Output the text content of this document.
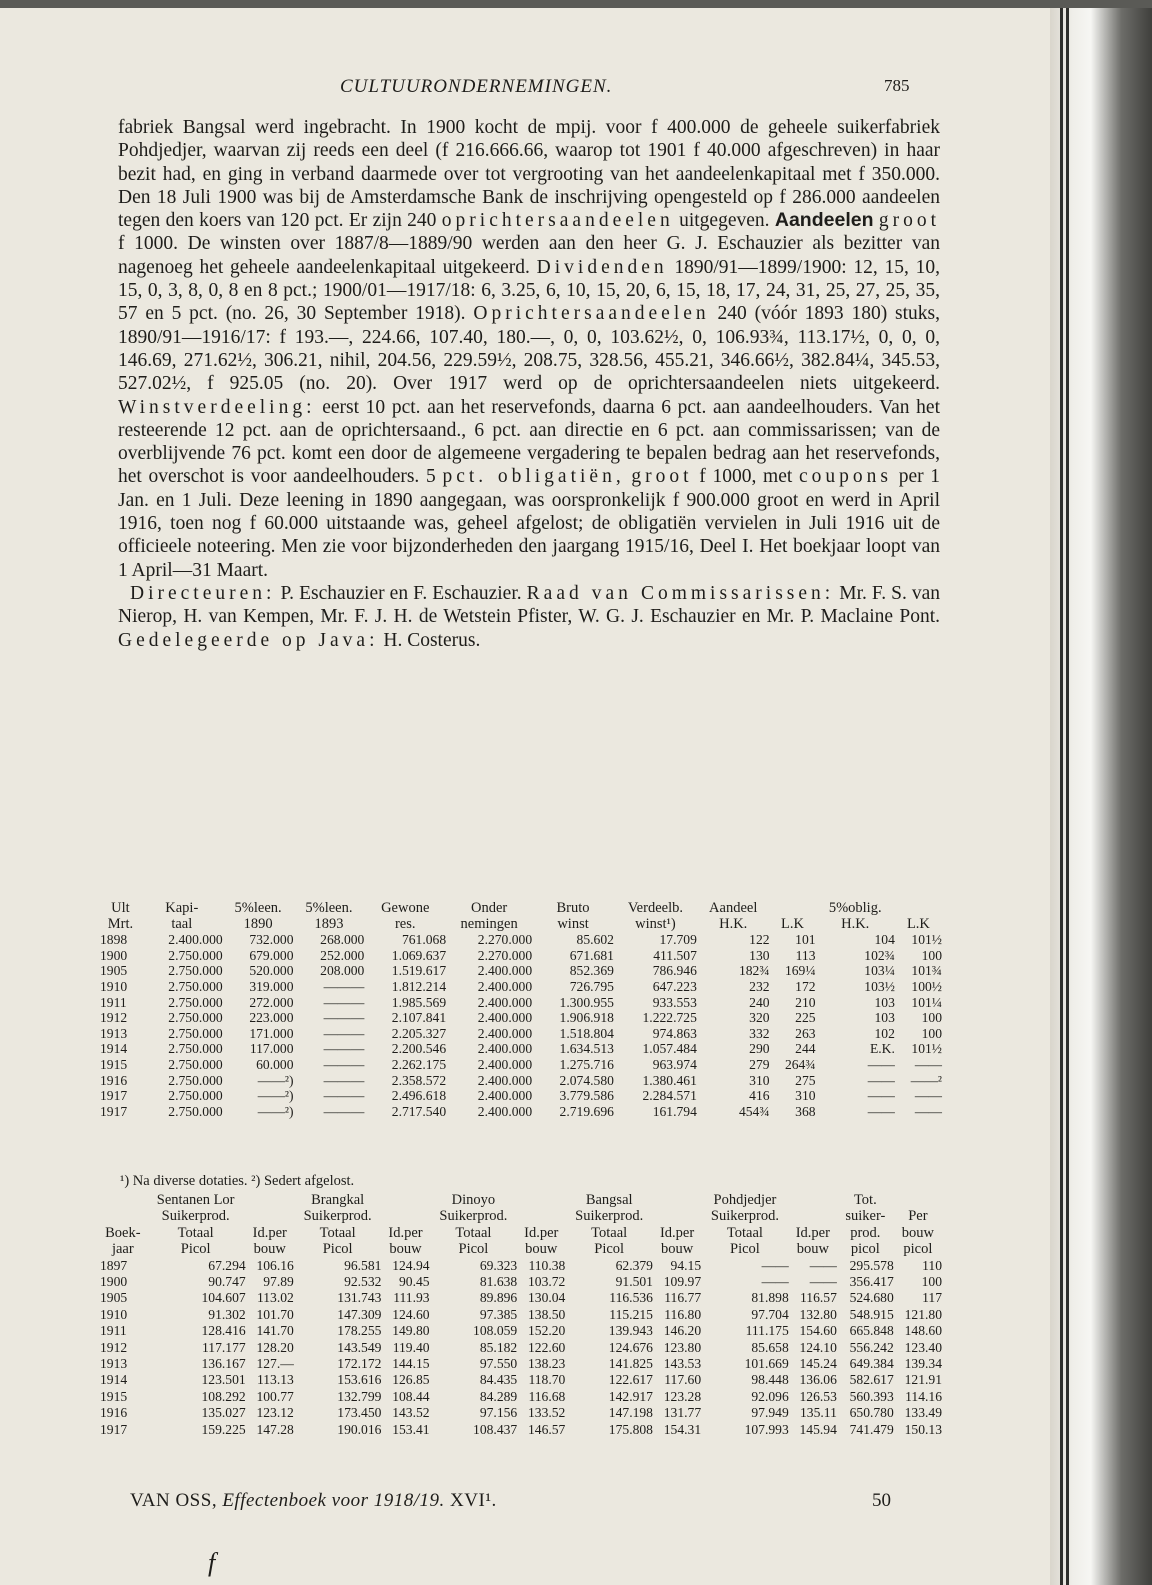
CULTUURONDERNEMINGEN.	785

fabriek Bangsal werd ingebracht. In 1900 kocht de mpij. voor f 400.000 de geheele suikerfabriek Pohdjedjer, waarvan zij reeds een deel (f 216.666.66, waarop tot 1901 f 40.000 afgeschreven) in haar bezit had, en ging in verband daarmede over tot vergrooting van het aandeelenkapitaal met f 350.000. Den 18 Juli 1900 was bij de Amsterdamsche Bank de inschrijving opengesteld op f 286.000 aandeelen tegen den koers van 120 pct. Er zijn 240 oprichtersaandeelen uitgegeven. Aandeelen groot f 1000. De winsten over 1887/8—1889/90 werden aan den heer G. J. Eschauzier als bezitter van nagenoeg het geheele aandeelenkapitaal uitgekeerd. Dividenden 1890/91—1899/1900: 12, 15, 10, 15, 0, 3, 8, 0, 8 en 8 pct.; 1900/01—1917/18: 6, 3.25, 6, 10, 15, 20, 6, 15, 18, 17, 24, 31, 25, 27, 25, 35, 57 en 5 pct. (no. 26, 30 September 1918). Oprichtersaandeelen 240 (vóór 1893 180) stuks, 1890/91—1916/17: f 193.—, 224.66, 107.40, 180.—, 0, 0, 103.62½, 0, 106.93¾, 113.17½, 0, 0, 0, 146.69, 271.62½, 306.21, nihil, 204.56, 229.59½, 208.75, 328.56, 455.21, 346.66½, 382.84¼, 345.53, 527.02½, f 925.05 (no. 20). Over 1917 werd op de oprichtersaandeelen niets uitgekeerd. Winstverdeeling: eerst 10 pct. aan het reservefonds, daarna 6 pct. aan aandeelhouders. Van het resteerende 12 pct. aan de oprichtersaand., 6 pct. aan directie en 6 pct. aan commissarissen; van de overblijvende 76 pct. komt een door de algemeene vergadering te bepalen bedrag aan het reservefonds, het overschot is voor aandeelhouders. 5 pct. obligatiën, groot f 1000, met coupons per 1 Jan. en 1 Juli. Deze leening in 1890 aangegaan, was oorspronkelijk f 900.000 groot en werd in April 1916, toen nog f 60.000 uitstaande was, geheel afgelost; de obligatiën vervielen in Juli 1916 uit de officieele noteering. Men zie voor bijzonderheden den jaargang 1915/16, Deel I. Het boekjaar loopt van 1 April—31 Maart.

Directeuren: P. Eschauzier en F. Eschauzier. Raad van Commissarissen: Mr. F. S. van Nierop, H. van Kempen, Mr. F. J. H. de Wetstein Pfister, W. G. J. Eschauzier en Mr. P. Maclaine Pont. Gedelegeerde op Java: H. Costerus.

Ult	Kapi-	5%leen.	5%leen.	Gewone	Onder	Bruto	Verdeelb.	Aandeel		5%oblig.	
Mrt.	taal	1890	1893	res.	nemingen	winst	winst¹)	H.K.	L.K	H.K.	L.K
1898	2.400.000	732.000	268.000	761.068	2.270.000	85.602	17.709	122	101	104	101½
1900	2.750.000	679.000	252.000	1.069.637	2.270.000	671.681	411.507	130	113	102¾	100
1905	2.750.000	520.000	208.000	1.519.617	2.400.000	852.369	786.946	182¾	169¼	103¼	101¾
1910	2.750.000	319.000	———	1.812.214	2.400.000	726.795	647.223	232	172	103½	100½
1911	2.750.000	272.000	———	1.985.569	2.400.000	1.300.955	933.553	240	210	103	101¼
1912	2.750.000	223.000	———	2.107.841	2.400.000	1.906.918	1.222.725	320	225	103	100
1913	2.750.000	171.000	———	2.205.327	2.400.000	1.518.804	974.863	332	263	102	100
1914	2.750.000	117.000	———	2.200.546	2.400.000	1.634.513	1.057.484	290	244	E.K.	101½
1915	2.750.000	60.000	———	2.262.175	2.400.000	1.275.716	963.974	279	264¾	——	——
1916	2.750.000	——²)	———	2.358.572	2.400.000	2.074.580	1.380.461	310	275	——	——²
1917	2.750.000	——²)	———	2.496.618	2.400.000	3.779.586	2.284.571	416	310	——	——
1917	2.750.000	——²)	———	2.717.540	2.400.000	2.719.696	161.794	454¾	368	——	——
¹) Na diverse dotaties. ²) Sedert afgelost.
	Sentanen Lor		Brangkal		Dinoyo		Bangsal		Pohdjedjer		Tot.	
	Suikerprod.		Suikerprod.		Suikerprod.		Suikerprod.		Suikerprod.		suiker-	Per
Boek-	Totaal	Id.per	Totaal	Id.per	Totaal	Id.per	Totaal	Id.per	Totaal	Id.per	prod.	bouw
jaar	Picol	bouw	Picol	bouw	Picol	bouw	Picol	bouw	Picol	bouw	picol	picol
1897	67.294	106.16	96.581	124.94	69.323	110.38	62.379	94.15	——	——	295.578	110
1900	90.747	97.89	92.532	90.45	81.638	103.72	91.501	109.97	——	——	356.417	100
1905	104.607	113.02	131.743	111.93	89.896	130.04	116.536	116.77	81.898	116.57	524.680	117
1910	91.302	101.70	147.309	124.60	97.385	138.50	115.215	116.80	97.704	132.80	548.915	121.80
1911	128.416	141.70	178.255	149.80	108.059	152.20	139.943	146.20	111.175	154.60	665.848	148.60
1912	117.177	128.20	143.549	119.40	85.182	122.60	124.676	123.80	85.658	124.10	556.242	123.40
1913	136.167	127.—	172.172	144.15	97.550	138.23	141.825	143.53	101.669	145.24	649.384	139.34
1914	123.501	113.13	153.616	126.85	84.435	118.70	122.617	117.60	98.448	136.06	582.617	121.91
1915	108.292	100.77	132.799	108.44	84.289	116.68	142.917	123.28	92.096	126.53	560.393	114.16
1916	135.027	123.12	173.450	143.52	97.156	133.52	147.198	131.77	97.949	135.11	650.780	133.49
1917	159.225	147.28	190.016	153.41	108.437	146.57	175.808	154.31	107.993	145.94	741.479	150.13
VAN OSS, Effectenboek voor 1918/19. XVI¹.	50
f
